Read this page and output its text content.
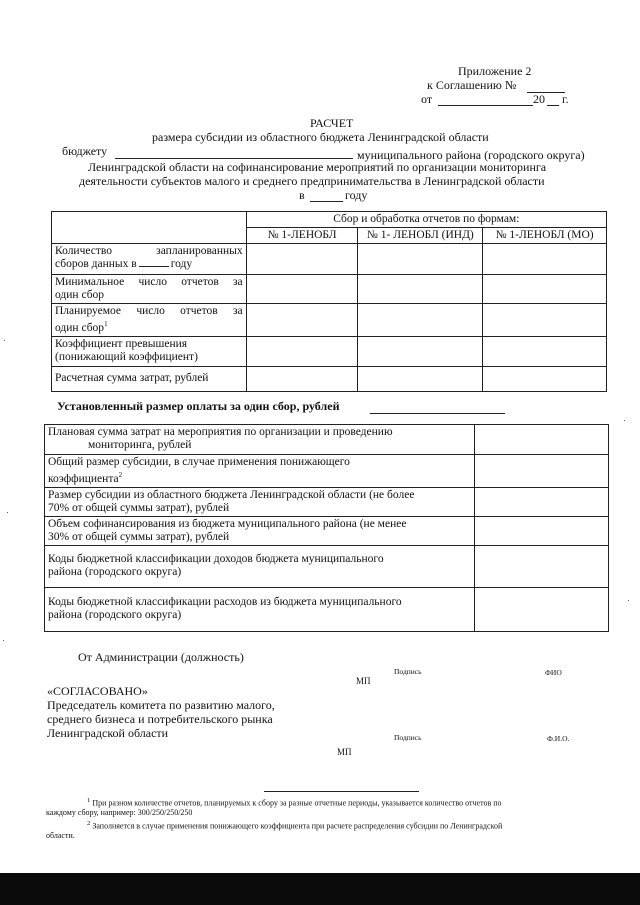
Приложение 2
к Соглашению №
от	20 г.
РАСЧЕТ
размера субсидии из областного бюджета Ленинградской области
бюджету	муниципального района (городского округа)
Ленинградской области на софинансирование мероприятий по организации мониторинга
деятельности субъектов малого и среднего предпринимательства в Ленинградской области
в	году
	Сбор и обработка отчетов по формам:		
	№ 1-ЛЕНОБЛ	№ 1- ЛЕНОБЛ (ИНД)	№ 1-ЛЕНОБЛ (МО)

Количество запланированных
сборов данных в году			

Минимальное число отчетов за
один сбор			

Планируемое число отчетов за
один сбор$^1$			

Коэффициент превышения
(понижающий коэффициент)			
Расчетная сумма затрат, рублей			
Установленный размер оплаты за один сбор, рублей
Плановая сумма затрат на мероприятия по организации и проведению
мониторинга, рублей	

Общий размер субсидии, в случае применения понижающего
коэффициента$^2$	

Размер субсидии из областного бюджета Ленинградской области (не более
70% от общей суммы затрат), рублей	

Объем софинансирования из бюджета муниципального района (не менее
30% от общей суммы затрат), рублей	

Коды бюджетной классификации доходов бюджета муниципального
района (городского округа)	

Коды бюджетной классификации расходов из бюджета муниципального
района (городского округа)	
От Администрации (должность)
Подпись	ФИО
МП
«СОГЛАСОВАНО»
Председатель комитета по развитию малого,
среднего бизнеса и потребительского рынка
Ленинградской области	Подпись	Ф.И.О.
МП
$^1$ При разном количестве отчетов, планируемых к сбору за разные отчетные периоды, указывается количество отчетов по
каждому сбору, например: 300/250/250/250
$^2$ Заполняется в случае применения понижающего коэффициента при расчете распределения субсидии по Ленинградской
области.
